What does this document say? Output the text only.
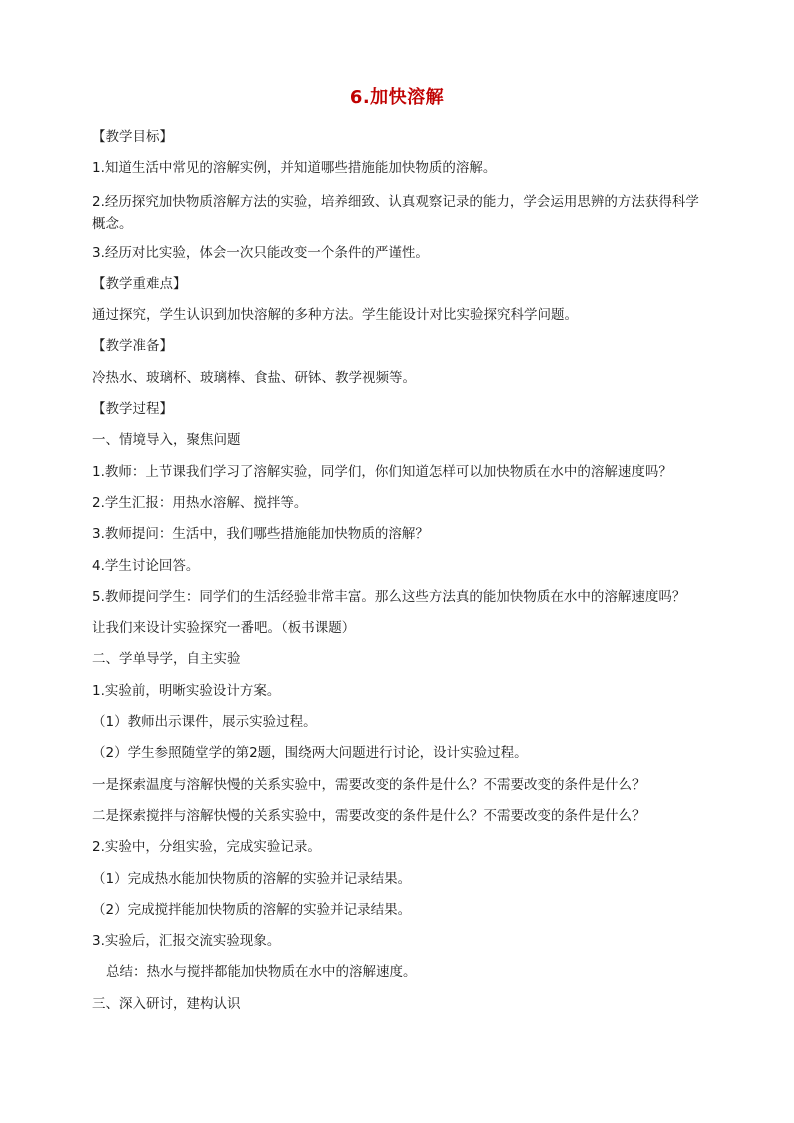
6.加快溶解
【教学目标】
1.知道生活中常见的溶解实例，并知道哪些措施能加快物质的溶解。
2.经历探究加快物质溶解方法的实验，培养细致、认真观察记录的能力，学会运用思辨的方法获得科学概念。
3.经历对比实验，体会一次只能改变一个条件的严谨性。
【教学重难点】
通过探究，学生认识到加快溶解的多种方法。学生能设计对比实验探究科学问题。
【教学准备】
冷热水、玻璃杯、玻璃棒、食盐、研钵、教学视频等。
【教学过程】
一、情境导入，聚焦问题
1.教师：上节课我们学习了溶解实验，同学们，你们知道怎样可以加快物质在水中的溶解速度吗？
2.学生汇报：用热水溶解、搅拌等。
3.教师提问：生活中，我们哪些措施能加快物质的溶解？
4.学生讨论回答。
5.教师提问学生：同学们的生活经验非常丰富。那么这些方法真的能加快物质在水中的溶解速度吗？
让我们来设计实验探究一番吧。（板书课题）
二、学单导学，自主实验
1.实验前，明晰实验设计方案。
（1）教师出示课件，展示实验过程。
（2）学生参照随堂学的第2题，围绕两大问题进行讨论，设计实验过程。
一是探索温度与溶解快慢的关系实验中，需要改变的条件是什么？不需要改变的条件是什么？
二是探索搅拌与溶解快慢的关系实验中，需要改变的条件是什么？不需要改变的条件是什么？
2.实验中，分组实验，完成实验记录。
（1）完成热水能加快物质的溶解的实验并记录结果。
（2）完成搅拌能加快物质的溶解的实验并记录结果。
3.实验后，汇报交流实验现象。
总结：热水与搅拌都能加快物质在水中的溶解速度。
三、深入研讨，建构认识
